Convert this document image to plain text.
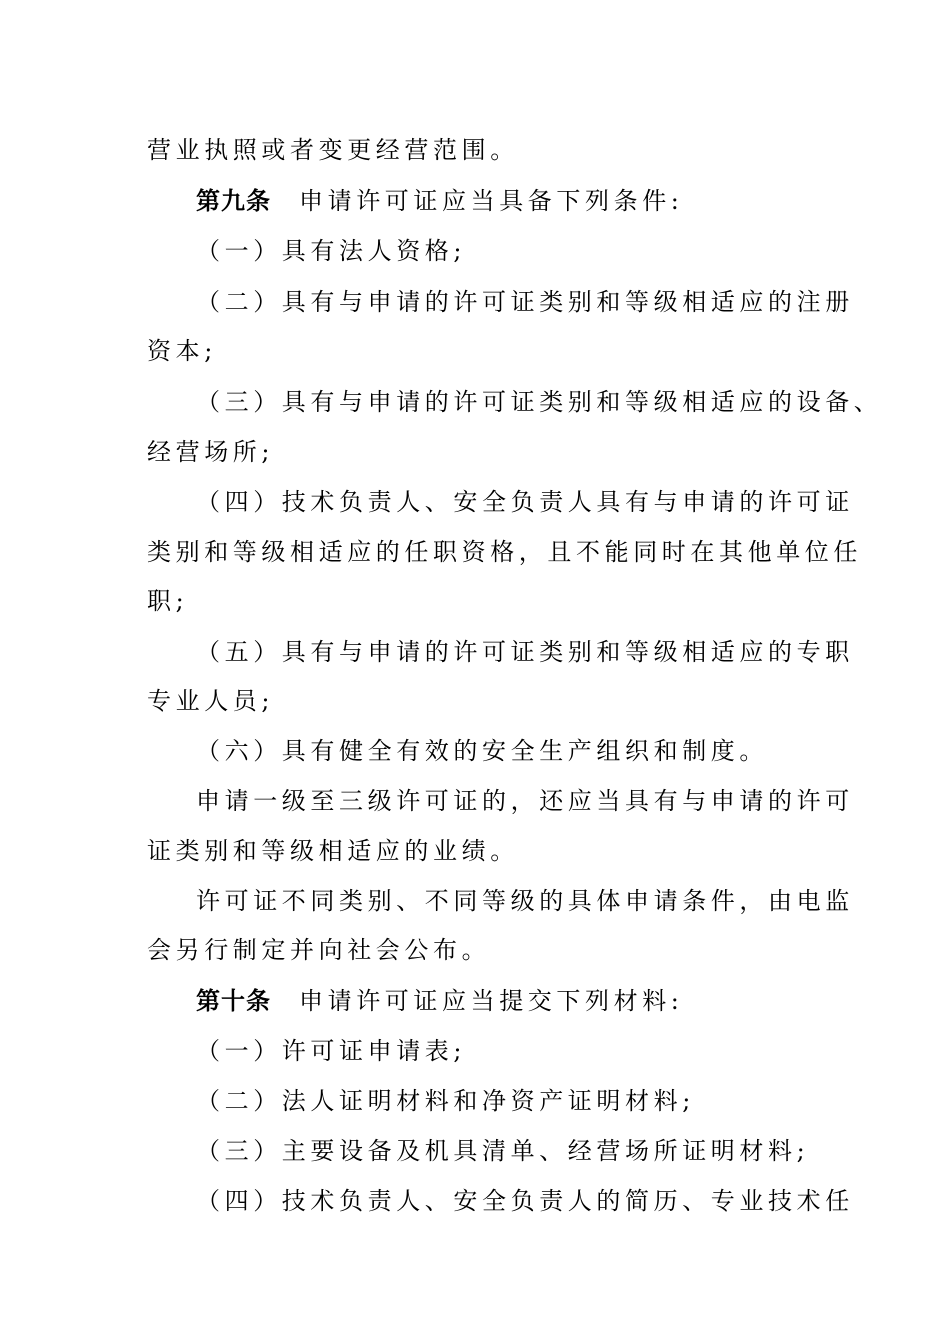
营业执照或者变更经营范围。
第九条 申请许可证应当具备下列条件:
（一）具有法人资格;
（二）具有与申请的许可证类别和等级相适应的注册
资本;
（三）具有与申请的许可证类别和等级相适应的设备、
经营场所;
（四）技术负责人、安全负责人具有与申请的许可证
类别和等级相适应的任职资格，且不能同时在其他单位任
职;
（五）具有与申请的许可证类别和等级相适应的专职
专业人员;
（六）具有健全有效的安全生产组织和制度。
申请一级至三级许可证的，还应当具有与申请的许可
证类别和等级相适应的业绩。
许可证不同类别、不同等级的具体申请条件，由电监
会另行制定并向社会公布。
第十条 申请许可证应当提交下列材料:
（一）许可证申请表;
（二）法人证明材料和净资产证明材料;
（三）主要设备及机具清单、经营场所证明材料;
（四）技术负责人、安全负责人的简历、专业技术任
